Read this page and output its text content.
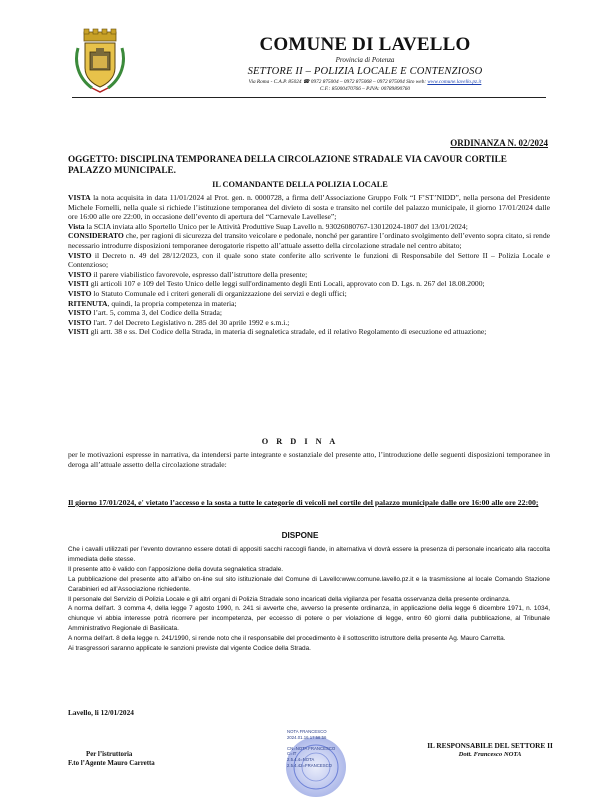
COMUNE DI LAVELLO
Provincia di Potenza
SETTORE II – POLIZIA LOCALE E CONTENZIOSO
Via Roma - C.A.P. 85024 ☎ 0972 875004 – 0972 875068 – 0972 875004 Sito web: www.comune.lavello.pz.it
C.F.: 85000470766 – P.IVA: 00789890760
ORDINANZA N. 02/2024
OGGETTO: DISCIPLINA TEMPORANEA DELLA CIRCOLAZIONE STRADALE VIA CAVOUR CORTILE PALAZZO MUNICIPALE.
IL COMANDANTE DELLA POLIZIA LOCALE

VISTA la nota acquisita in data 11/01/2024 al Prot. gen. n. 0000728, a firma dell’Associazione Gruppo Folk “I F’ST’NIDD”, nella persona del Presidente Michele Fornelli, nella quale si richiede l’istituzione temporanea del divieto di sosta e transito nel cortile del palazzo municipale, il giorno 17/01/2024 dalle ore 16:00 alle ore 22:00, in occasione dell’evento di apertura del “Carnevale Lavellese”;

Vista la SCIA inviata allo Sportello Unico per le Attività Produttive Suap Lavello n. 93026080767-13012024-1807 del 13/01/2024;

CONSIDERATO che, per ragioni di sicurezza del transito veicolare e pedonale, nonché per garantire l’ordinato svolgimento dell’evento sopra citato, si rende necessario introdurre disposizioni temporanee derogatorie rispetto all’attuale assetto della circolazione stradale nel centro abitato;

VISTO il Decreto n. 49 del 28/12/2023, con il quale sono state conferite allo scrivente le funzioni di Responsabile del Settore II – Polizia Locale e Contenzioso;

VISTO il parere viabilistico favorevole, espresso dall’istruttore della presente;

VISTI gli articoli 107 e 109 del Testo Unico delle leggi sull'ordinamento degli Enti Locali, approvato con D. Lgs. n. 267 del 18.08.2000;

VISTO lo Statuto Comunale ed i criteri generali di organizzazione dei servizi e degli uffici;

RITENUTA, quindi, la propria competenza in materia;

VISTO l’art. 5, comma 3, del Codice della Strada;

VISTO l'art. 7 del Decreto Legislativo n. 285 del 30 aprile 1992 e s.m.i.;

VISTI gli artt. 38 e ss. Del Codice della Strada, in materia di segnaletica stradale, ed il relativo Regolamento di esecuzione ed attuazione;

O R D I N A
per le motivazioni espresse in narrativa, da intendersi parte integrante e sostanziale del presente atto, l’introduzione delle seguenti disposizioni temporanee in deroga all’attuale assetto della circolazione stradale:
Il giorno 17/01/2024, e' vietato l’accesso e la sosta a tutte le categorie di veicoli nel cortile del palazzo municipale dalle ore 16:00 alle ore 22:00;
DISPONE

Che i cavalli utilizzati per l’evento dovranno essere dotati di appositi sacchi raccogli fiande, in alternativa vi dovrà essere la presenza di personale incaricato alla raccolta immediata delle stesse.

Il presente atto è valido con l’apposizione della dovuta segnaletica stradale.

La pubblicazione del presente atto all'albo on-line sul sito istituzionale del Comune di Lavello:www.comune.lavello.pz.it e la trasmissione al locale Comando Stazione Carabinieri ed all’Associazione richiedente.

Il personale del Servizio di Polizia Locale e gli altri organi di Polizia Stradale sono incaricati della vigilanza per l'esatta osservanza della presente ordinanza.

A norma dell'art. 3 comma 4, della legge 7 agosto 1990, n. 241 si avverte che, avverso la presente ordinanza, in applicazione della legge 6 dicembre 1971, n. 1034, chiunque vi abbia interesse potrà ricorrere per incompetenza, per eccesso di potere o per violazione di legge, entro 60 giorni dalla pubblicazione, al Tribunale Amministrativo Regionale di Basilicata.

A norma dell'art. 8 della legge n. 241/1990, si rende noto che il responsabile del procedimento è il sottoscritto istruttore della presente Ag. Mauro Carretta.

Ai trasgressori saranno applicate le sanzioni previste dal vigente Codice della Strada.

Lavello, li 12/01/2024
Per l’istruttoria
F.to l’Agente Mauro Carretta
NOTA FRANCESCO
2024.01.16 17:58:56

CN=NOTA FRANCESCO
C=IT
2.5.4.4=NOTA
2.5.4.42=FRANCESCO
IL RESPONSABILE DEL SETTORE II
Dott. Francesco NOTA
